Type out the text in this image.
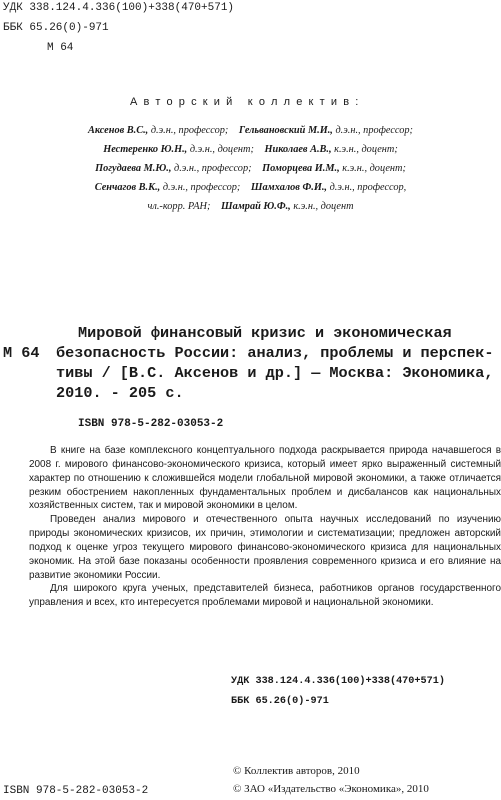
УДК 338.124.4.336(100)+338(470+571)
ББК 65.26(0)-971
М 64
Авторский коллектив:
Аксенов В.С., д.э.н., профессор; Гельвановский М.И., д.э.н., профессор;
Нестеренко Ю.Н., д.э.н., доцент; Николаев А.В., к.э.н., доцент;
Погудаева М.Ю., д.э.н., профессор; Поморцева И.М., к.э.н., доцент;
Сенчагов В.К., д.э.н., профессор; Шамхалов Ф.И., д.э.н., профессор,
чл.-корр. РАН; Шамрай Ю.Ф., к.э.н., доцент
Мировой финансовый кризис и экономическая
М 64 безопасность России: анализ, проблемы и перспек-
тивы / [В.С. Аксенов и др.] — Москва: Экономика,
2010. - 205 с.
ISBN 978-5-282-03053-2

В книге на базе комплексного концептуального подхода раскрывается природа начавшегося в 2008 г. мирового финансово-экономического кризиса, который имеет ярко выраженный системный характер по отношению к сложившейся модели глобальной мировой экономики, а также отличается резким обострением накопленных фундаментальных проблем и дисбалансов как национальных хозяйственных систем, так и мировой экономики в целом.

Проведен анализ мирового и отечественного опыта научных исследований по изучению природы экономических кризисов, их причин, этимологии и систематизации; предложен авторский подход к оценке угроз текущего мирового финансово-экономического кризиса для национальных экономик. На этой базе показаны особенности проявления современного кризиса и его влияние на развитие экономики России.

Для широкого круга ученых, представителей бизнеса, работников органов государственного управления и всех, кто интересуется проблемами мировой и национальной экономики.

УДК 338.124.4.336(100)+338(470+571)
ББК 65.26(0)-971
ISBN 978-5-282-03053-2
© Коллектив авторов, 2010
© ЗАО «Издательство «Экономика», 2010
